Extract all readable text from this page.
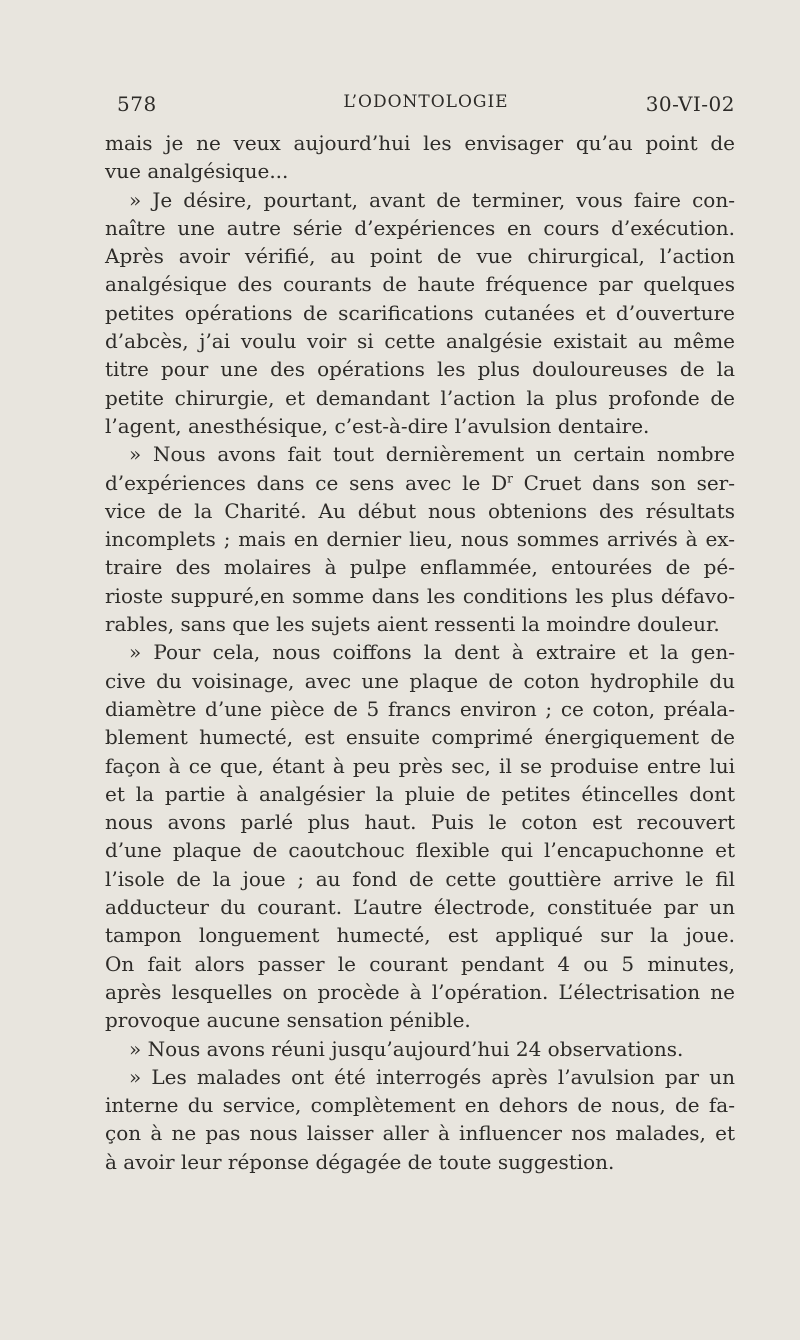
578	L’ODONTOLOGIE	30-VI-02
mais je ne veux aujourd’hui les envisager qu’au point de
vue analgésique...
» Je désire, pourtant, avant de terminer, vous faire con-
naître une autre série d’expériences en cours d’exécution.
Après avoir vérifié, au point de vue chirurgical, l’action
analgésique des courants de haute fréquence par quelques
petites opérations de scarifications cutanées et d’ouverture
d’abcès, j’ai voulu voir si cette analgésie existait au même
titre pour une des opérations les plus douloureuses de la
petite chirurgie, et demandant l’action la plus profonde de
l’agent, anesthésique, c’est-à-dire l’avulsion dentaire.
» Nous avons fait tout dernièrement un certain nombre
d’expériences dans ce sens avec le $D^r$ Cruet dans son ser-
vice de la Charité. Au début nous obtenions des résultats
incomplets ; mais en dernier lieu, nous sommes arrivés à ex-
traire des molaires à pulpe enflammée, entourées de pé-
rioste suppuré,en somme dans les conditions les plus défavo-
rables, sans que les sujets aient ressenti la moindre douleur.
» Pour cela, nous coiffons la dent à extraire et la gen-
cive du voisinage, avec une plaque de coton hydrophile du
diamètre d’une pièce de 5 francs environ ; ce coton, préala-
blement humecté, est ensuite comprimé énergiquement de
façon à ce que, étant à peu près sec, il se produise entre lui
et la partie à analgésier la pluie de petites étincelles dont
nous avons parlé plus haut. Puis le coton est recouvert
d’une plaque de caoutchouc flexible qui l’encapuchonne et
l’isole de la joue ; au fond de cette gouttière arrive le fil
adducteur du courant. L’autre électrode, constituée par un
tampon longuement humecté, est appliqué sur la joue.
On fait alors passer le courant pendant 4 ou 5 minutes,
après lesquelles on procède à l’opération. L’électrisation ne
provoque aucune sensation pénible.
» Nous avons réuni jusqu’aujourd’hui 24 observations.
» Les malades ont été interrogés après l’avulsion par un
interne du service, complètement en dehors de nous, de fa-
çon à ne pas nous laisser aller à influencer nos malades, et
à avoir leur réponse dégagée de toute suggestion.
